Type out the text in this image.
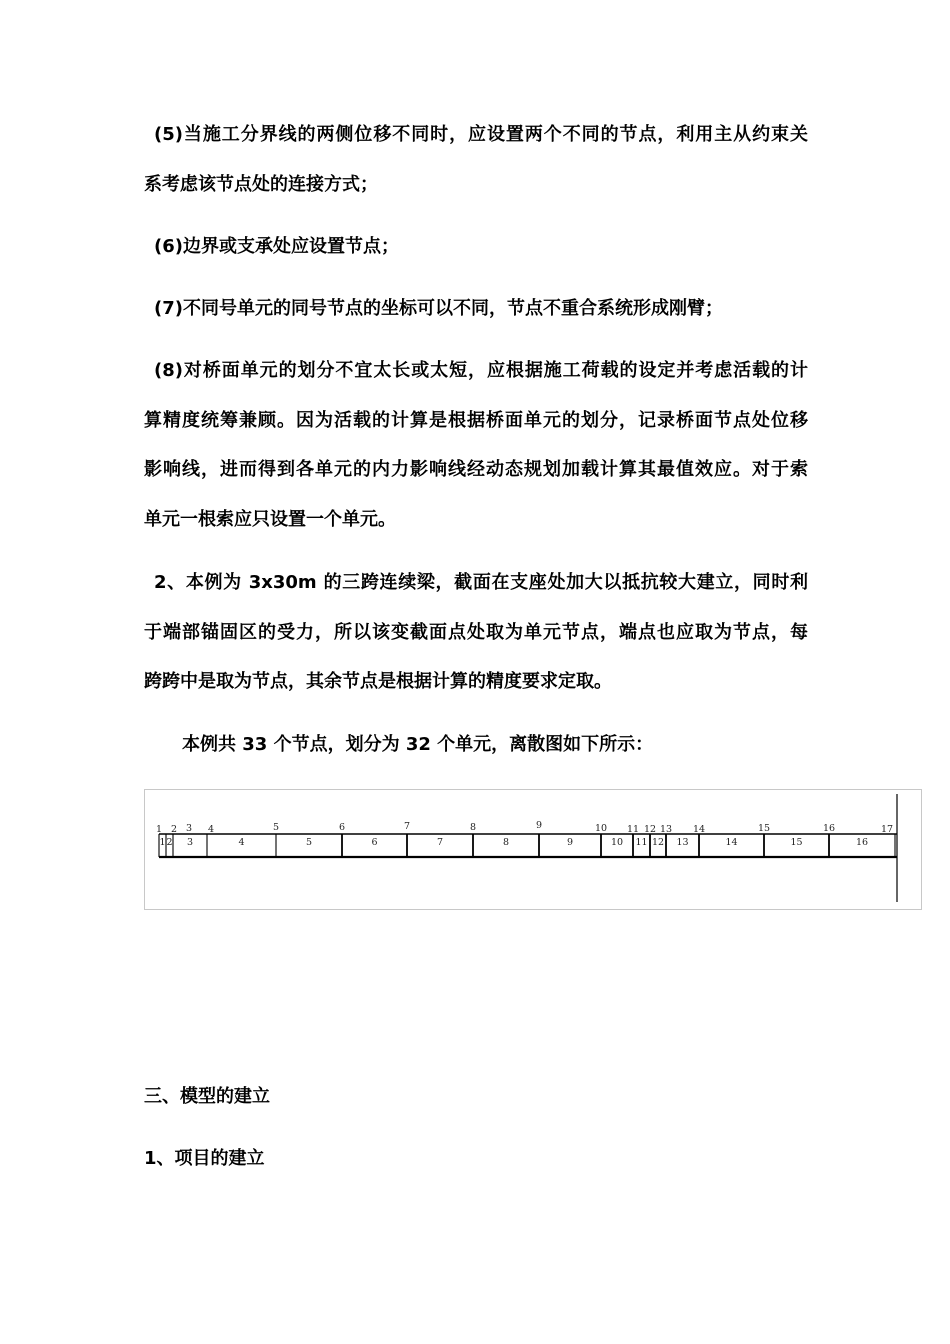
(5)当施工分界线的两侧位移不同时，应设置两个不同的节点，利用主从约束关
系考虑该节点处的连接方式；
(6)边界或支承处应设置节点；
(7)不同号单元的同号节点的坐标可以不同，节点不重合系统形成刚臂；
(8)对桥面单元的划分不宜太长或太短，应根据施工荷载的设定并考虑活载的计
算精度统筹兼顾。因为活载的计算是根据桥面单元的划分，记录桥面节点处位移
影响线，进而得到各单元的内力影响线经动态规划加载计算其最值效应。对于索
单元一根索应只设置一个单元。
2、本例为 3x30m 的三跨连续梁，截面在支座处加大以抵抗较大建立，同时利
于端部锚固区的受力，所以该变截面点处取为单元节点，端点也应取为节点，每
跨跨中是取为节点，其余节点是根据计算的精度要求定取。
本例共 33 个节点，划分为 32 个单元，离散图如下所示：
1 2 3 4	5	6	7	8	9	10 11 12 13 14	15	16	17
1 2 3	4	5	6	7	8	9	10 11 12 13	14	15	16
三、模型的建立
1、项目的建立
